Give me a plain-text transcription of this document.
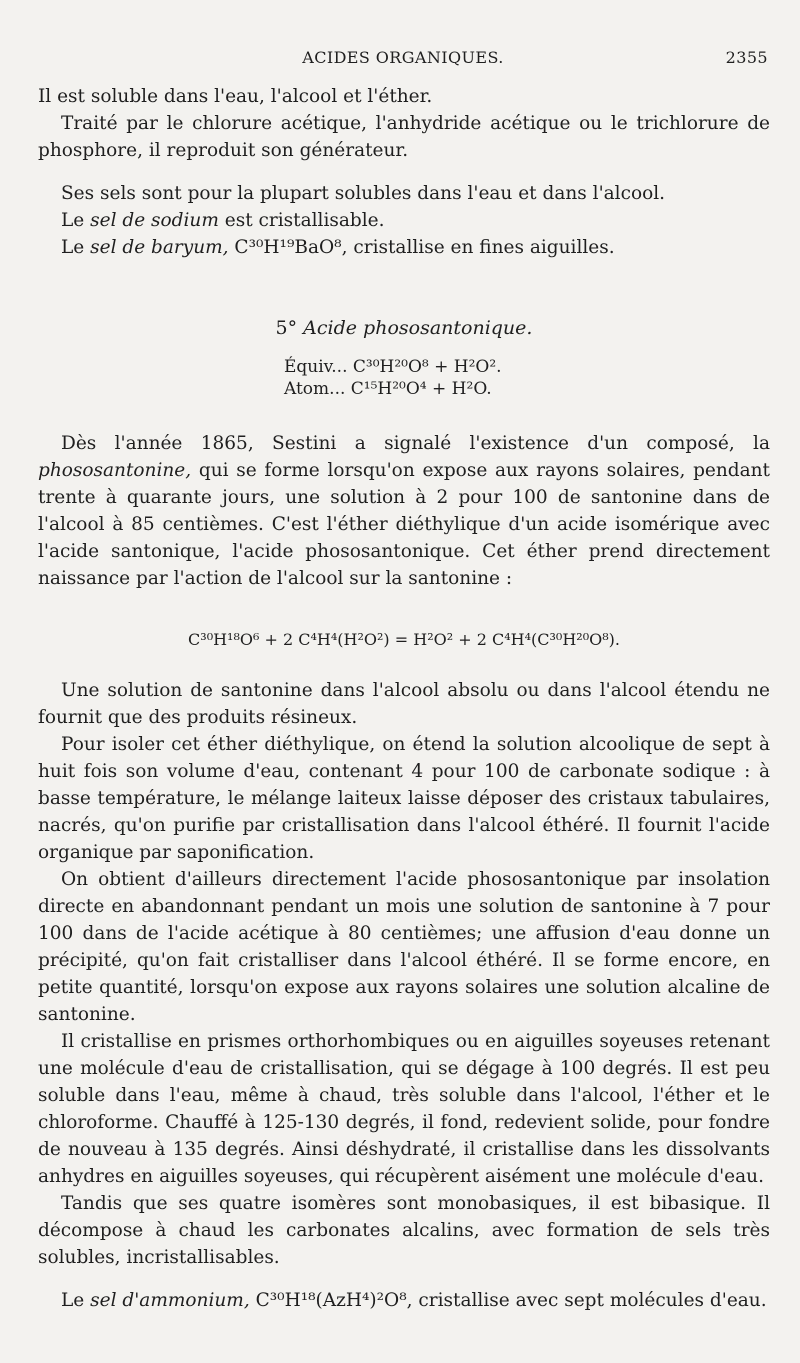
ACIDES ORGANIQUES.	2355

Il est soluble dans l'eau, l'alcool et l'éther.

Traité par le chlorure acétique, l'anhydride acétique ou le trichlorure de phosphore, il reproduit son générateur.

Ses sels sont pour la plupart solubles dans l'eau et dans l'alcool.

Le sel de sodium est cristallisable.

Le sel de baryum, C³⁰H¹⁹BaO⁸, cristallise en fines aiguilles.

5° Acide phososantonique.

Équiv... C³⁰H²⁰O⁸ + H²O².
Atom... C¹⁵H²⁰O⁴ + H²O.

Dès l'année 1865, Sestini a signalé l'existence d'un composé, la phososantonine, qui se forme lorsqu'on expose aux rayons solaires, pendant trente à quarante jours, une solution à 2 pour 100 de santonine dans de l'alcool à 85 centièmes. C'est l'éther diéthylique d'un acide isomérique avec l'acide santonique, l'acide phososantonique. Cet éther prend directement naissance par l'action de l'alcool sur la santonine :

C³⁰H¹⁸O⁶ + 2 C⁴H⁴(H²O²) = H²O² + 2 C⁴H⁴(C³⁰H²⁰O⁸).

Une solution de santonine dans l'alcool absolu ou dans l'alcool étendu ne fournit que des produits résineux.

Pour isoler cet éther diéthylique, on étend la solution alcoolique de sept à huit fois son volume d'eau, contenant 4 pour 100 de carbonate sodique : à basse température, le mélange laiteux laisse déposer des cristaux tabulaires, nacrés, qu'on purifie par cristallisation dans l'alcool éthéré. Il fournit l'acide organique par saponification.

On obtient d'ailleurs directement l'acide phososantonique par insolation directe en abandonnant pendant un mois une solution de santonine à 7 pour 100 dans de l'acide acétique à 80 centièmes; une affusion d'eau donne un précipité, qu'on fait cristalliser dans l'alcool éthéré. Il se forme encore, en petite quantité, lorsqu'on expose aux rayons solaires une solution alcaline de santonine.

Il cristallise en prismes orthorhombiques ou en aiguilles soyeuses retenant une molécule d'eau de cristallisation, qui se dégage à 100 degrés. Il est peu soluble dans l'eau, même à chaud, très soluble dans l'alcool, l'éther et le chloroforme. Chauffé à 125-130 degrés, il fond, redevient solide, pour fondre de nouveau à 135 degrés. Ainsi déshydraté, il cristallise dans les dissolvants anhydres en aiguilles soyeuses, qui récupèrent aisément une molécule d'eau.

Tandis que ses quatre isomères sont monobasiques, il est bibasique. Il décompose à chaud les carbonates alcalins, avec formation de sels très solubles, incristallisables.

Le sel d'ammonium, C³⁰H¹⁸(AzH⁴)²O⁸, cristallise avec sept molécules d'eau.
